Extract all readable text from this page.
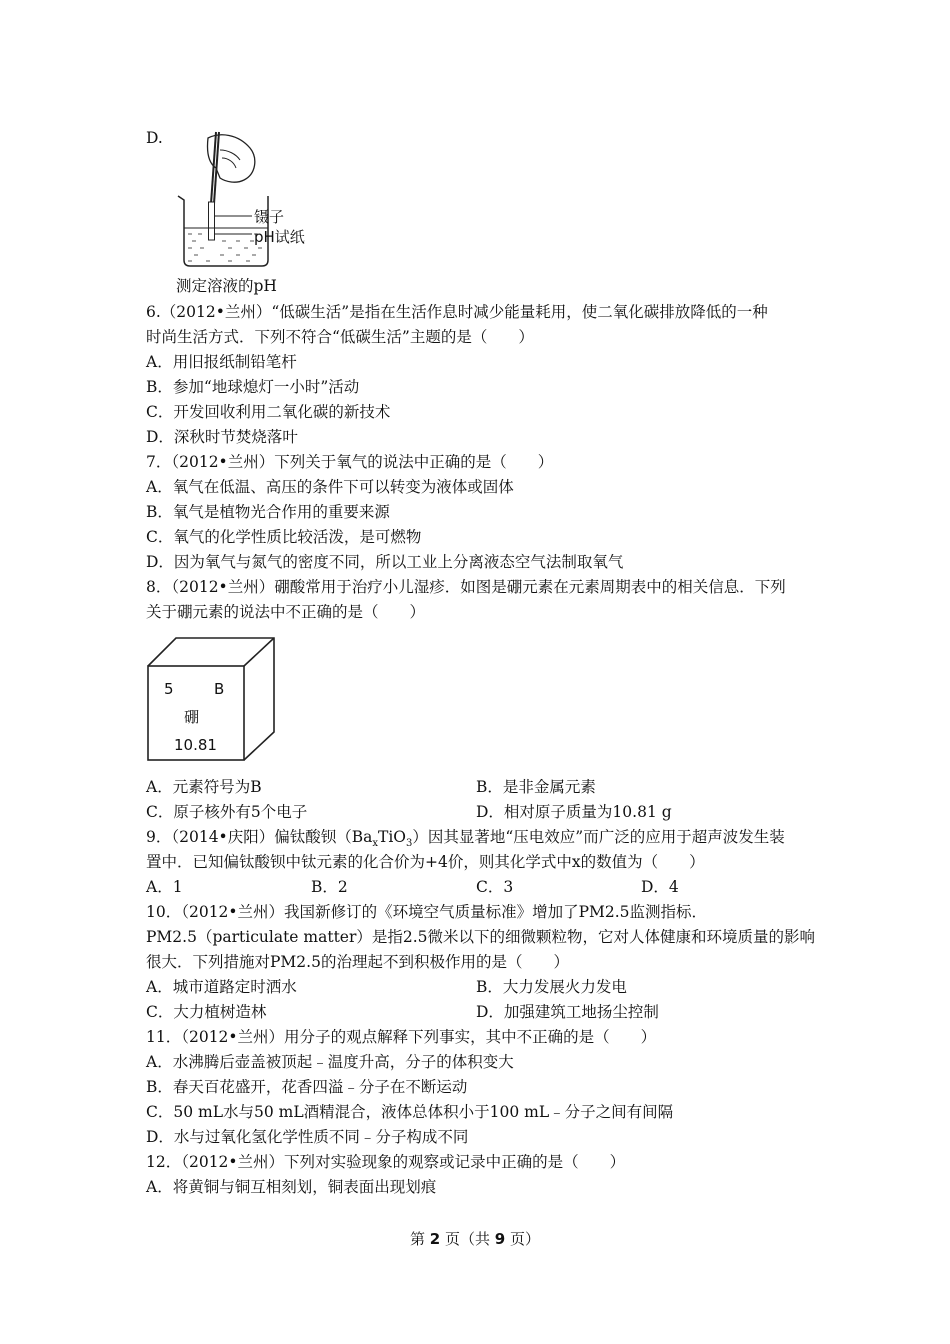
D.
镊子
pH试纸
测定溶液的pH
6.（2012•兰州）“低碳生活”是指在生活作息时减少能量耗用，使二氧化碳排放降低的一种
时尚生活方式．下列不符合“低碳生活”主题的是（　　）
A．用旧报纸制铅笔杆
B．参加“地球熄灯一小时”活动
C．开发回收利用二氧化碳的新技术
D．深秋时节焚烧落叶
7．（2012•兰州）下列关于氧气的说法中正确的是（　　）
A．氧气在低温、高压的条件下可以转变为液体或固体
B．氧气是植物光合作用的重要来源
C．氧气的化学性质比较活泼，是可燃物
D．因为氧气与氮气的密度不同，所以工业上分离液态空气法制取氧气
8．（2012•兰州）硼酸常用于治疗小儿湿疹．如图是硼元素在元素周期表中的相关信息．下列
关于硼元素的说法中不正确的是（　　）
5	B
硼
10.81
A．元素符号为B	B．是非金属元素
C．原子核外有5个电子	D．相对原子质量为10.81 g
9．（2014•庆阳）偏钛酸钡$(Ba_xTiO_3)$因其显著地“压电效应”而广泛的应用于超声波发生装
置中．已知偏钛酸钡中钛元素的化合价为+4价，则其化学式中x的数值为（　　）
A．1	B．2	C．3	D．4
10．（2012•兰州）我国新修订的《环境空气质量标准》增加了PM2.5监测指标．
PM2.5（particulate matter）是指2.5微米以下的细微颗粒物，它对人体健康和环境质量的影响
很大．下列措施对PM2.5的治理起不到积极作用的是（　　）
A．城市道路定时洒水	B．大力发展火力发电
C．大力植树造林	D．加强建筑工地扬尘控制
11．（2012•兰州）用分子的观点解释下列事实，其中不正确的是（　　）
A．水沸腾后壶盖被顶起﹣温度升高，分子的体积变大
B．春天百花盛开，花香四溢﹣分子在不断运动
C．50 mL水与50 mL酒精混合，液体总体积小于100 mL﹣分子之间有间隔
D．水与过氧化氢化学性质不同﹣分子构成不同
12．（2012•兰州）下列对实验现象的观察或记录中正确的是（　　）
A．将黄铜与铜互相刻划，铜表面出现划痕
第 2 页（共 9 页）
